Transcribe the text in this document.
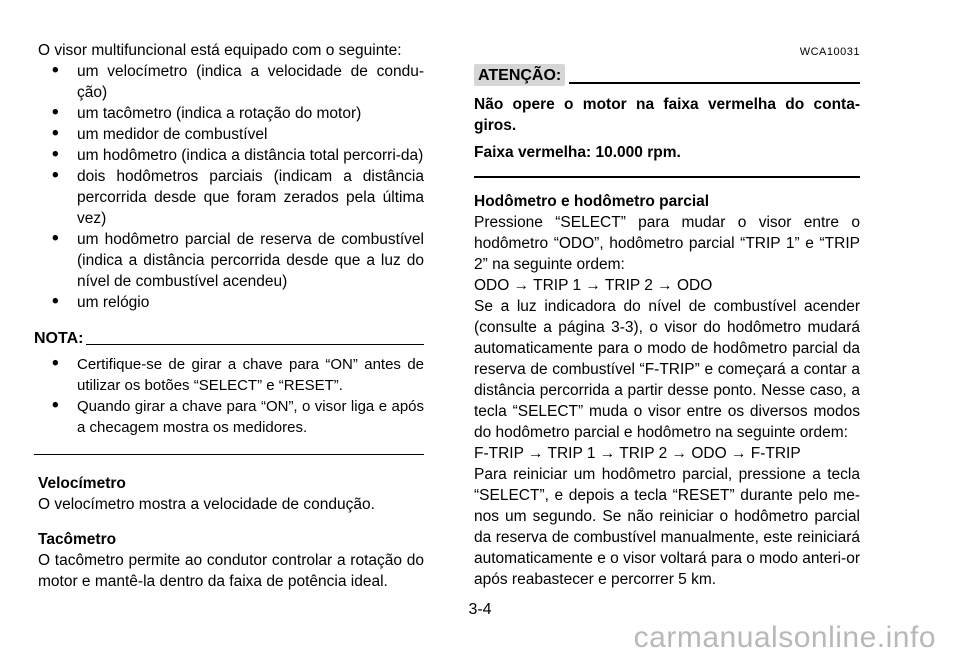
O visor multifuncional está equipado com o seguinte:

• um velocímetro (indica a velocidade de condu-ção)
• um tacômetro (indica a rotação do motor)
• um medidor de combustível
• um hodômetro (indica a distância total percorri-da)
• dois hodômetros parciais (indicam a distância percorrida desde que foram zerados pela última vez)
• um hodômetro parcial de reserva de combustível (indica a distância percorrida desde que a luz do nível de combustível acendeu)
• um relógio
NOTA:
• Certifique-se de girar a chave para “ON” antes de utilizar os botões “SELECT” e “RESET”.
• Quando girar a chave para “ON”, o visor liga e após a checagem mostra os medidores.

Velocímetro

O velocímetro mostra a velocidade de condução.

Tacômetro

O tacômetro permite ao condutor controlar a rotação do motor e mantê-la dentro da faixa de potência ideal.

WCA10031
ATENÇÃO:

Não opere o motor na faixa vermelha do conta-giros.

Faixa vermelha: 10.000 rpm.

Hodômetro e hodômetro parcial

Pressione “SELECT” para mudar o visor entre o hodômetro “ODO”, hodômetro parcial “TRIP 1” e “TRIP 2” na seguinte ordem:

ODO → TRIP 1 → TRIP 2 → ODO

Se a luz indicadora do nível de combustível acender (consulte a página 3-3), o visor do hodômetro mudará automaticamente para o modo de hodômetro parcial da reserva de combustível “F-TRIP” e começará a contar a distância percorrida a partir desse ponto. Nesse caso, a tecla “SELECT” muda o visor entre os diversos modos do hodômetro parcial e hodômetro na seguinte ordem:

F-TRIP → TRIP 1 → TRIP 2 → ODO → F-TRIP

Para reiniciar um hodômetro parcial, pressione a tecla “SELECT”, e depois a tecla “RESET” durante pelo me-nos um segundo. Se não reiniciar o hodômetro parcial da reserva de combustível manualmente, este reiniciará automaticamente e o visor voltará para o modo anteri-or após reabastecer e percorrer 5 km.

3-4
carmanualsonline.info
